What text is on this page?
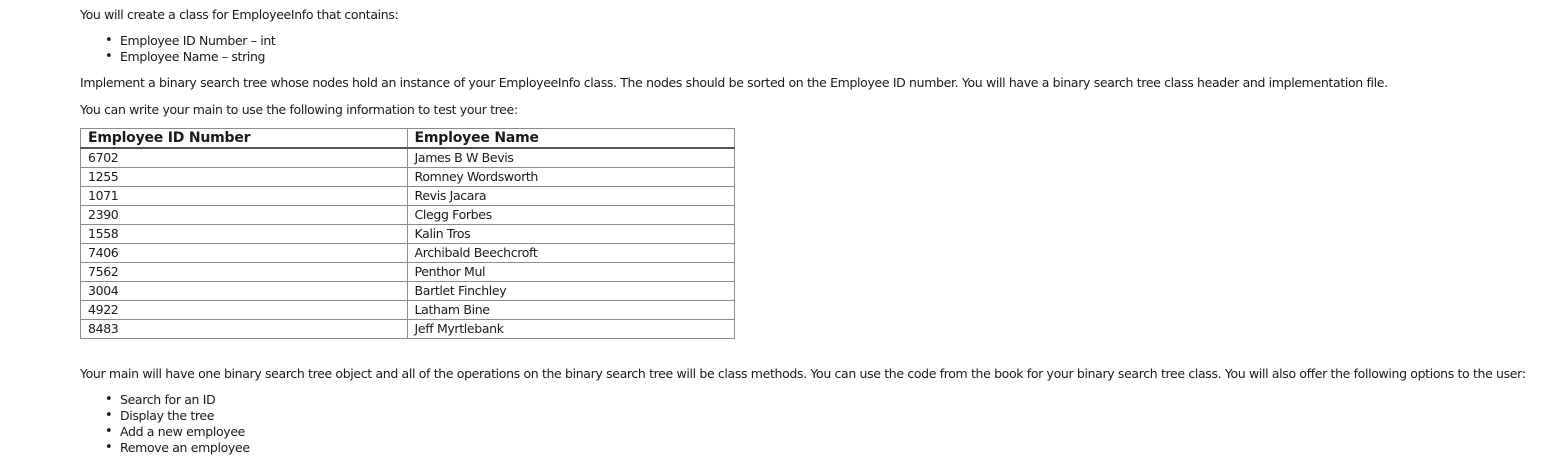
You will create a class for EmployeeInfo that contains:
• Employee ID Number – int
• Employee Name – string
Implement a binary search tree whose nodes hold an instance of your EmployeeInfo class. The nodes should be sorted on the Employee ID number. You will have a binary search tree class header and implementation file.
You can write your main to use the following information to test your tree:
Employee ID Number	Employee Name
6702	James B W Bevis
1255	Romney Wordsworth
1071	Revis Jacara
2390	Clegg Forbes
1558	Kalin Tros
7406	Archibald Beechcroft
7562	Penthor Mul
3004	Bartlet Finchley
4922	Latham Bine
8483	Jeff Myrtlebank
Your main will have one binary search tree object and all of the operations on the binary search tree will be class methods. You can use the code from the book for your binary search tree class. You will also offer the following options to the user:
• Search for an ID
• Display the tree
• Add a new employee
• Remove an employee
